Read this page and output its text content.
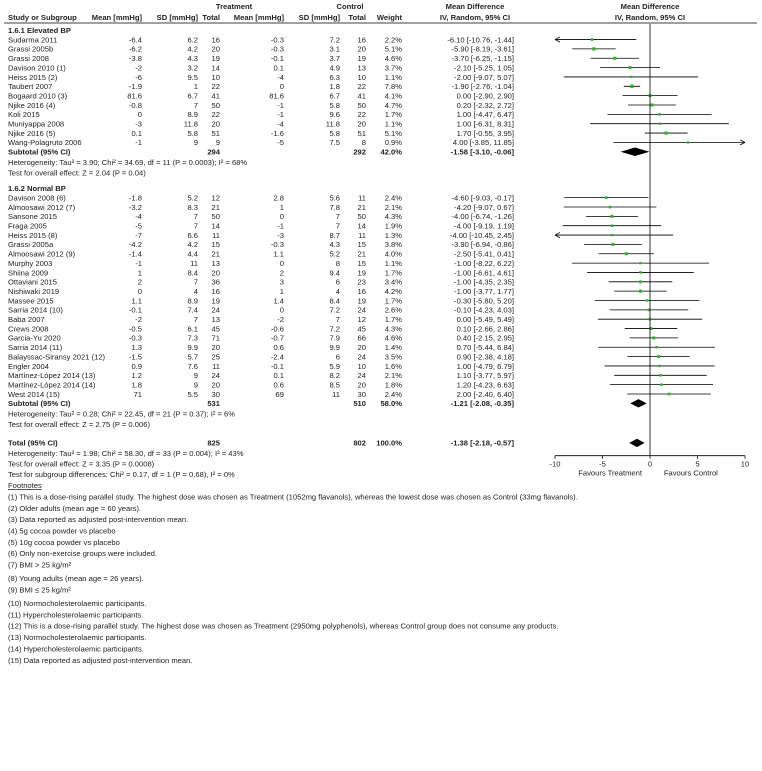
Treatment	Control	Mean Difference	Mean Difference
Study or Subgroup Mean [mmHg] SD [mmHg] Total Mean [mmHg] SD [mmHg] Total Weight	IV, Random, 95% CI	IV, Random, 95% CI
1.6.1 Elevated BP
Sudarma 2011	-6.4	6.2 16	-0.3	7.2 16 2.2%	-6.10 [-10.76, -1.44]
Grassi 2005b	-6.2	4.2 20	-0.3	3.1 20 5.1%	-5.90 [-8.19, -3.61]
Grassi 2008	-3.8	4.3 19	-0.1	3.7 19 4.6%	-3.70 [-6.25, -1.15]
Davison 2010 (1)	-2	3.2 14	0.1	4.9 13 3.7%	-2.10 [-5.25, 1.05]
Heiss 2015 (2)	-6	9.5 10	-4	6.3 10 1.1%	-2.00 [-9.07, 5.07]
Taubert 2007	-1.9	1 22	0	1.8 22 7.8%	-1.90 [-2.76, -1.04]
Bogaard 2010 (3)	81.6	6.7 41	81.6	6.7 41 4.1%	0.00 [-2.90, 2.90]
Njike 2016 (4)	-0.8	7 50	-1	5.8 50 4.7%	0.20 [-2.32, 2.72]
Koli 2015	0	8.9 22	-1	9.6 22 1.7%	1.00 [-4.47, 6.47]
Muniyappa 2008	-3	11.8 20	-4	11.8 20 1.1%	1.00 [-6.31, 8.31]
Njike 2016 (5)	0.1	5.8 51	-1.6	5.8 51 5.1%	1.70 [-0.55, 3.95]
Wang-Polagruto 2006	-1	9 9	-5	7.5	8 0.9%	4.00 [-3.85, 11.85]
Subtotal (95% CI)	294	292 42.0%	-1.58 [-3.10, -0.06]
Heterogeneity: Tau² = 3.90; Chi² = 34.69, df = 11 (P = 0.0003); I² = 68%
Test for overall effect: Z = 2.04 (P = 0.04)
1.6.2 Normal BP
Davison 2008 (6)	-1.8	5.2 12	2.8	5.6 11 2.4%	-4.60 [-9.03, -0.17]
Almoosawi 2012 (7)	-3.2	8.3 21	1	7.8 21 2.1%	-4.20 [-9.07, 0.67]
Sansone 2015	-4	7 50	0	7 50 4.3%	-4.00 [-6.74, -1.26]
Fraga 2005	-5	7 14	-1	7 14 1.9%	-4.00 [-9.19, 1.19]
Heiss 2015 (8)	-7	6.6 11	-3	8.7 11 1.3%	-4.00 [-10.45, 2.45]
Grassi 2005a	-4.2	4.2 15	-0.3	4.3 15 3.8%	-3.90 [-6.94, -0.86]
Almoosawi 2012 (9)	-1.4	4.4 21	1.1	5.2 21 4.0%	-2.50 [-5.41, 0.41]
Murphy 2003	-1	11 13	0	8 15 1.1%	-1.00 [-8.22, 6.22]
Shiina 2009	1	8.4 20	2	9.4 19 1.7%	-1.00 [-6.61, 4.61]
Ottaviani 2015	2	7 36	3	6 23 3.4%	-1.00 [-4.35, 2.35]
Nishiwaki 2019	0	4 16	1	4 16 4.2%	-1.00 [-3.77, 1.77]
Massee 2015	1.1	8.9 19	1.4	8.4 19 1.7%	-0.30 [-5.80, 5.20]
Sarria 2014 (10)	-0.1	7.4 24	0	7.2 24 2.6%	-0.10 [-4.23, 4.03]
Baba 2007	-2	7 13	-2	7 12 1.7%	0.00 [-5.49, 5.49]
Crews 2008	-0.5	6.1 45	-0.6	7.2 45 4.3%	0.10 [-2.66, 2.86]
Garcia-Yu 2020	-0.3	7.3 71	-0.7	7.9 66 4.6%	0.40 [-2.15, 2.95]
Sarria 2014 (11)	1.3	9.9 20	0.6	9.9 20 1.4%	0.70 [-5.44, 6.84]
Balayssac-Siransy 2021 (12)	-1.5	5.7 25	-2.4	6 24 3.5%	0.90 [-2.38, 4.18]
Engler 2004	0.9	7.6 11	-0.1	5.9 10 1.6%	1.00 [-4.79, 6.79]
Martínez-López 2014 (13)	1.2	9 24	0.1	8.2 24 2.1%	1.10 [-3.77, 5.97]
Martínez-López 2014 (14)	1.8	9 20	0.6	8.5 20 1.8%	1.20 [-4.23, 6.63]
West 2014 (15)	71	5.5 30	69	11 30 2.4%	2.00 [-2.40, 6.40]
Subtotal (95% CI)	531	510 58.0%	-1.21 [-2.08, -0.35]
Heterogeneity: Tau² = 0.28; Chi² = 22.45, df = 21 (P = 0.37); I² = 6%
Test for overall effect: Z = 2.75 (P = 0.006)
Total (95% CI)	825	802 100.0%	-1.38 [-2.18, -0.57]
Heterogeneity: Tau² = 1.98; Chi² = 58.30, df = 33 (P = 0.004); I² = 43%
Test for overall effect: Z = 3.35 (P = 0.0008)
Test for subgroup differences: Chi² = 0.17, df = 1 (P = 0.68), I² = 0%
-10	-5	0	5	10
Favours Treatment	Favours Control
Footnotes
(1) This is a dose-rising parallel study. The highest dose was chosen as Treatment (1052mg flavanols), whereas the lowest dose was chosen as Control (33mg flavanols).
(2) Older adults (mean age = 60 years).
(3) Data reported as adjusted post-intervention mean.
(4) 5g cocoa powder vs placebo
(5) 10g cocoa powder vs placebo
(6) Only non-exercise groups were included.
(7) BMI > 25 kg/m²
(8) Young adults (mean age = 26 years).
(9) BMI ≤ 25 kg/m²
(10) Normocholesterolaemic participants.
(11) Hypercholesterolaemic participants.
(12) This is a dose-rising parallel study. The highest dose was chosen as Treatment (2950mg polyphenols), whereas Control group does not consume any products.
(13) Normocholesterolaemic participants.
(14) Hypercholesterolaemic participants.
(15) Data reported as adjusted post-intervention mean.
